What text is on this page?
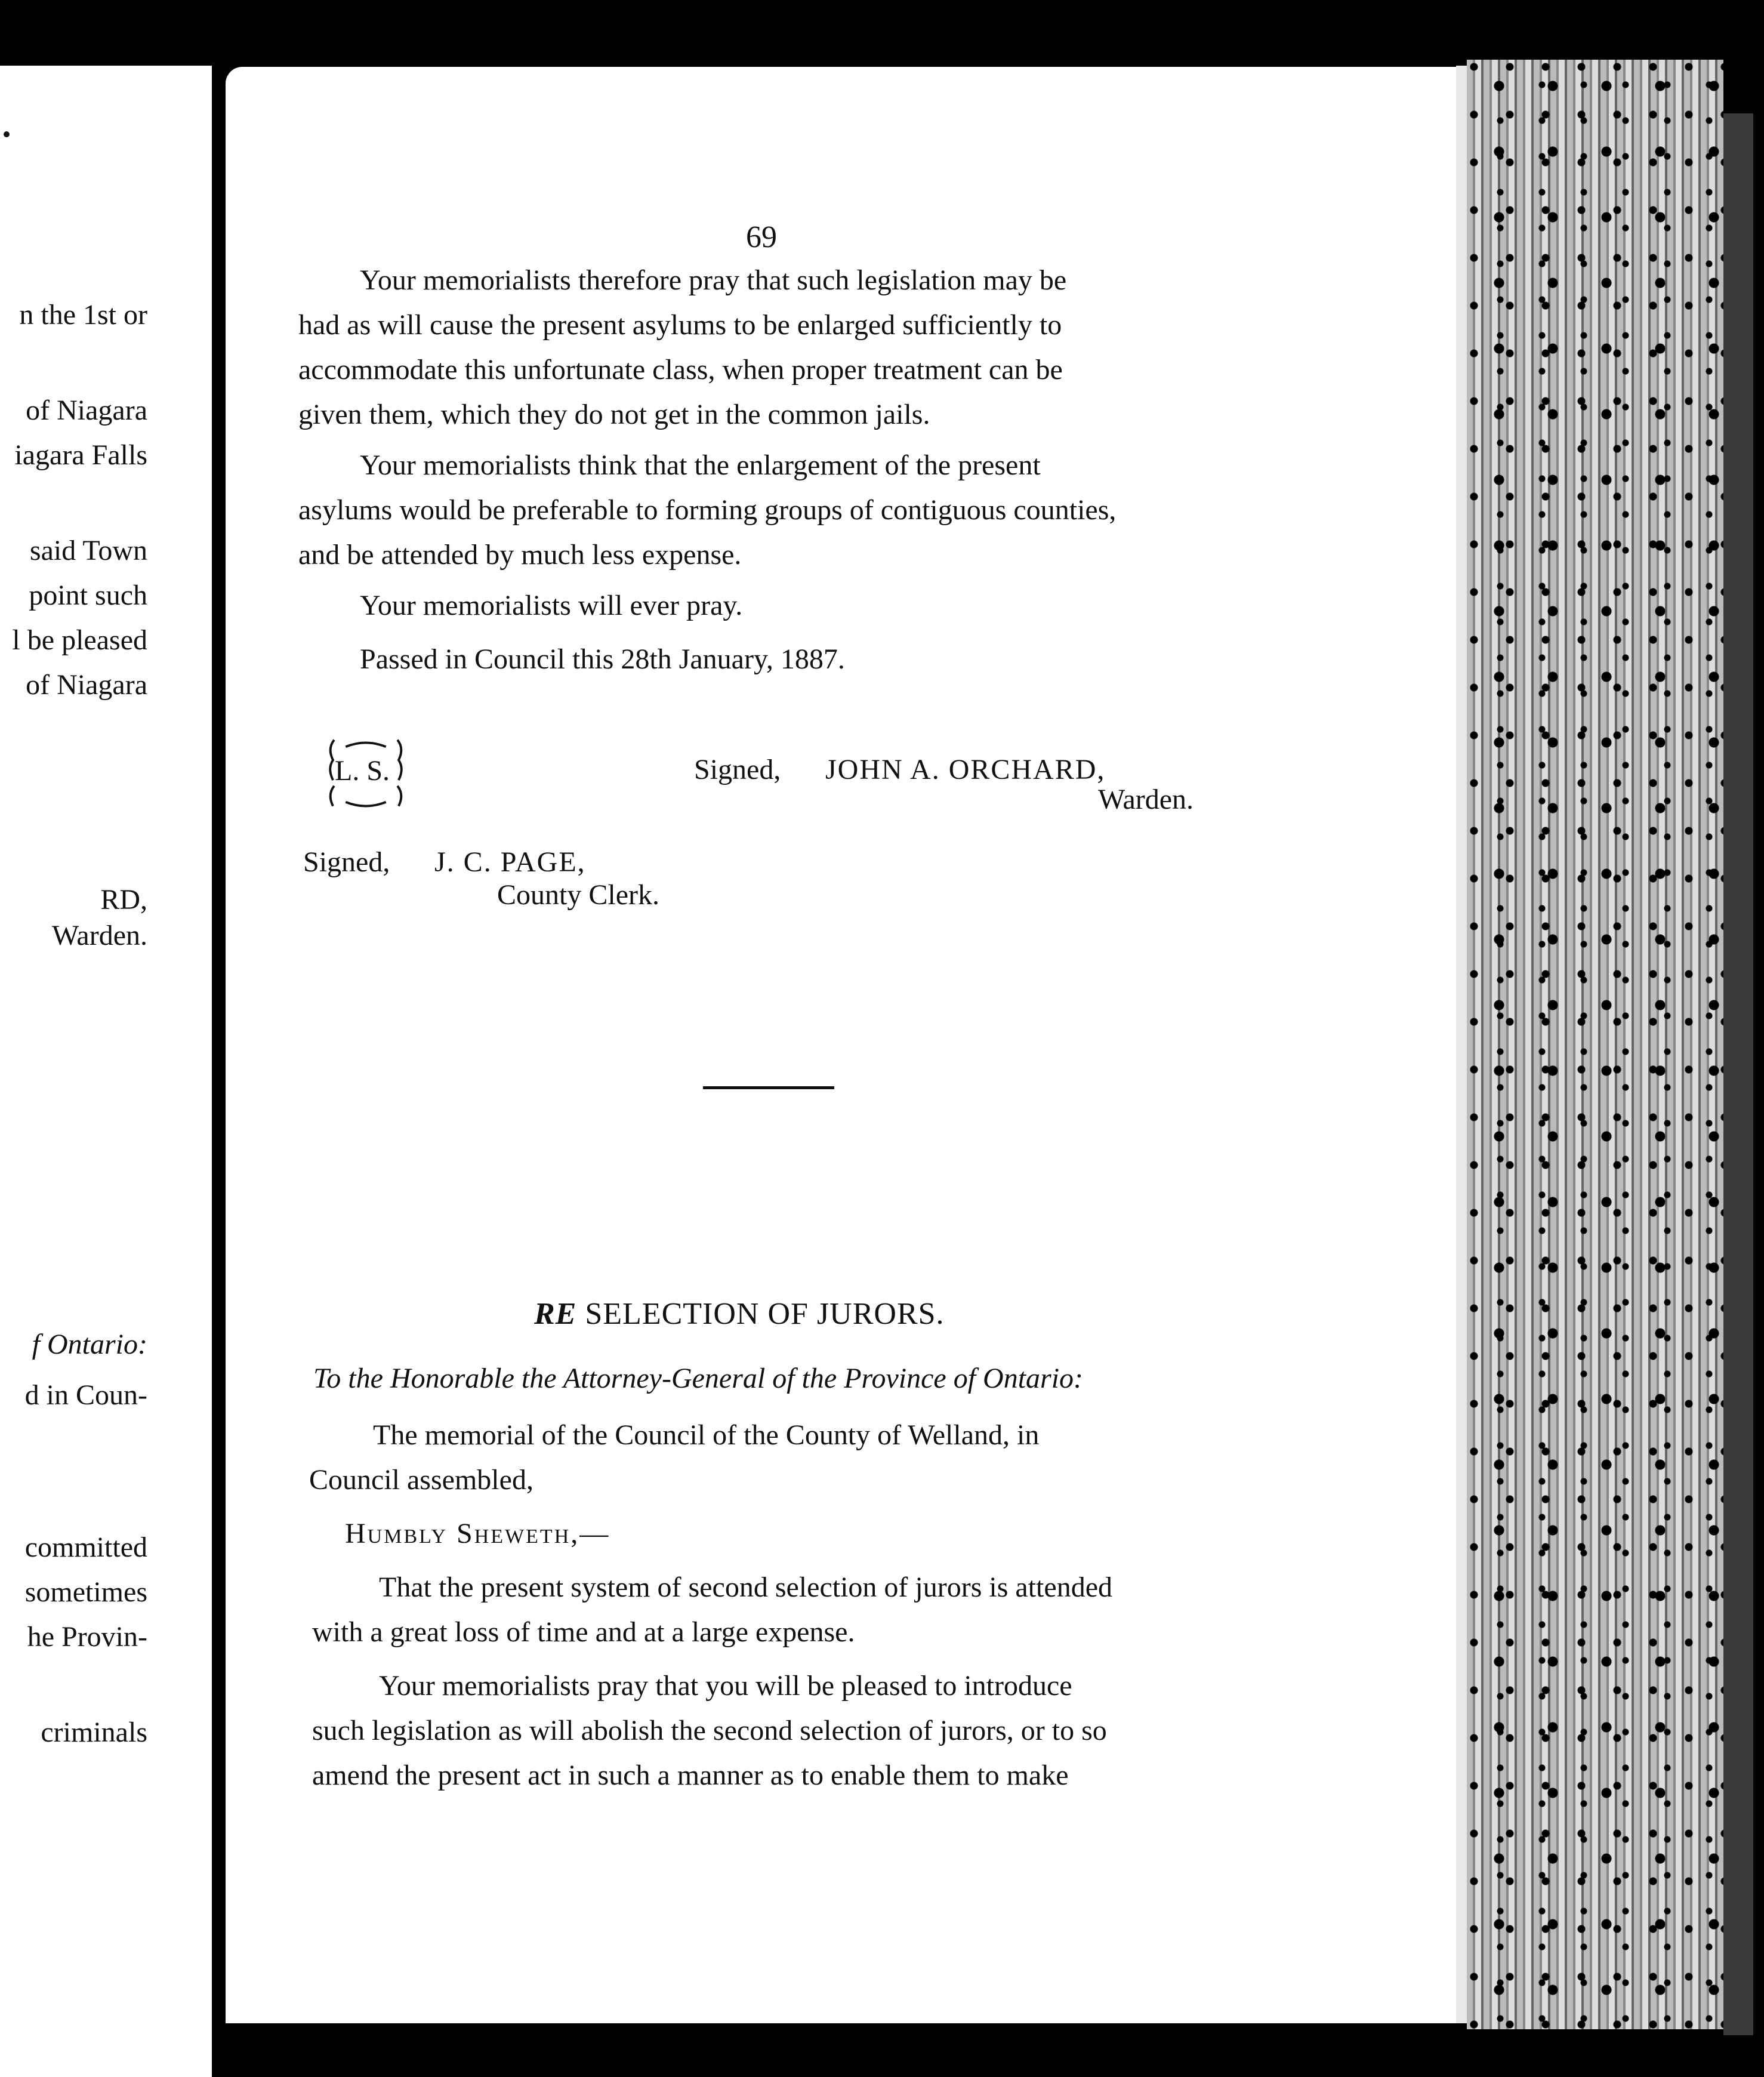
n the 1st or
of Niagara
iagara Falls
said Town
point such
l be pleased
of Niagara
RD,
Warden.
f Ontario:
d in Coun-
committed
sometimes
he Provin-
criminals
69
Your memorialists therefore pray that such legislation may be
had as will cause the present asylums to be enlarged sufficiently to
accommodate this unfortunate class, when proper treatment can be
given them, which they do not get in the common jails.
Your memorialists think that the enlargement of the present
asylums would be preferable to forming groups of contiguous counties,
and be attended by much less expense.
Your memorialists will ever pray.
Passed in Council this 28th January, 1887.
L. S.	Signed, JOHN A. ORCHARD,
Warden.
Signed, J. C. PAGE,
County Clerk.
RE SELECTION OF JURORS.
To the Honorable the Attorney-General of the Province of Ontario:
The memorial of the Council of the County of Welland, in
Council assembled,
Humbly Sheweth,—
That the present system of second selection of jurors is attended
with a great loss of time and at a large expense.
Your memorialists pray that you will be pleased to introduce
such legislation as will abolish the second selection of jurors, or to so
amend the present act in such a manner as to enable them to make
